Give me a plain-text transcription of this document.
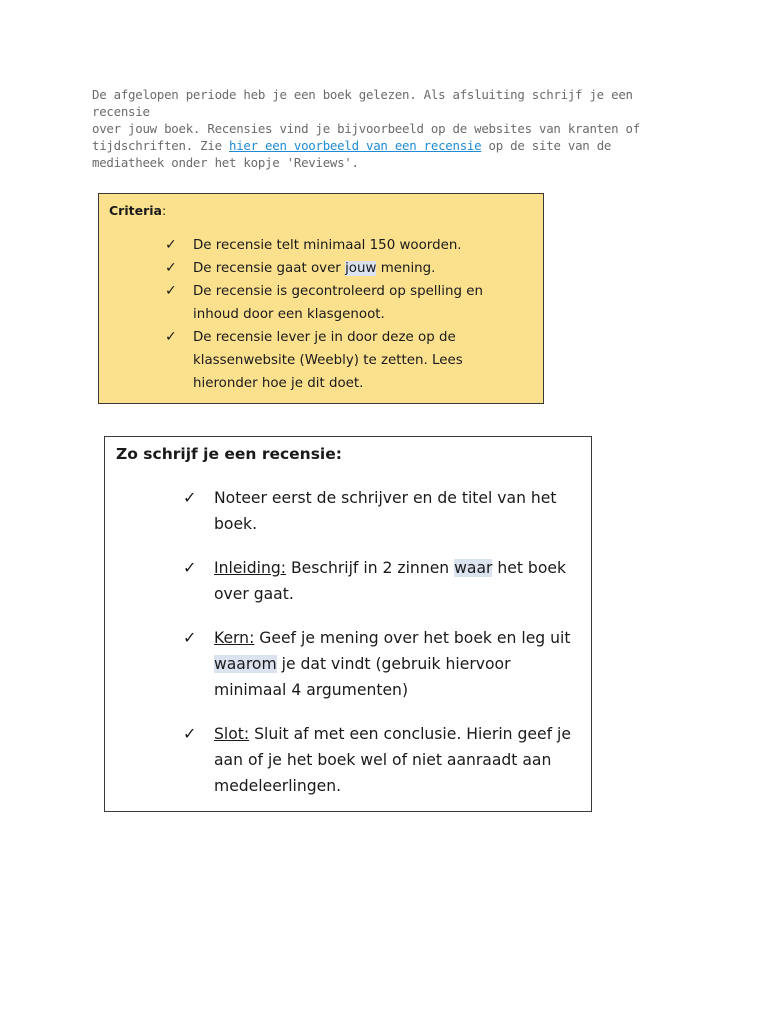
De afgelopen periode heb je een boek gelezen. Als afsluiting schrijf je een recensie
over jouw boek. Recensies vind je bijvoorbeeld op de websites van kranten of
tijdschriften. Zie hier een voorbeeld van een recensie op de site van de
mediatheek onder het kopje 'Reviews'.
Criteria:
✓ De recensie telt minimaal 150 woorden.
✓ De recensie gaat over jouw mening.
✓ De recensie is gecontroleerd op spelling en inhoud door een klasgenoot.
✓ De recensie lever je in door deze op de klassenwebsite (Weebly) te zetten. Lees hieronder hoe je dit doet.
Zo schrijf je een recensie:
✓ Noteer eerst de schrijver en de titel van het boek.
✓ Inleiding: Beschrijf in 2 zinnen waar het boek over gaat.
✓ Kern: Geef je mening over het boek en leg uit waarom je dat vindt (gebruik hiervoor minimaal 4 argumenten)
✓ Slot: Sluit af met een conclusie. Hierin geef je aan of je het boek wel of niet aanraadt aan medeleerlingen.
